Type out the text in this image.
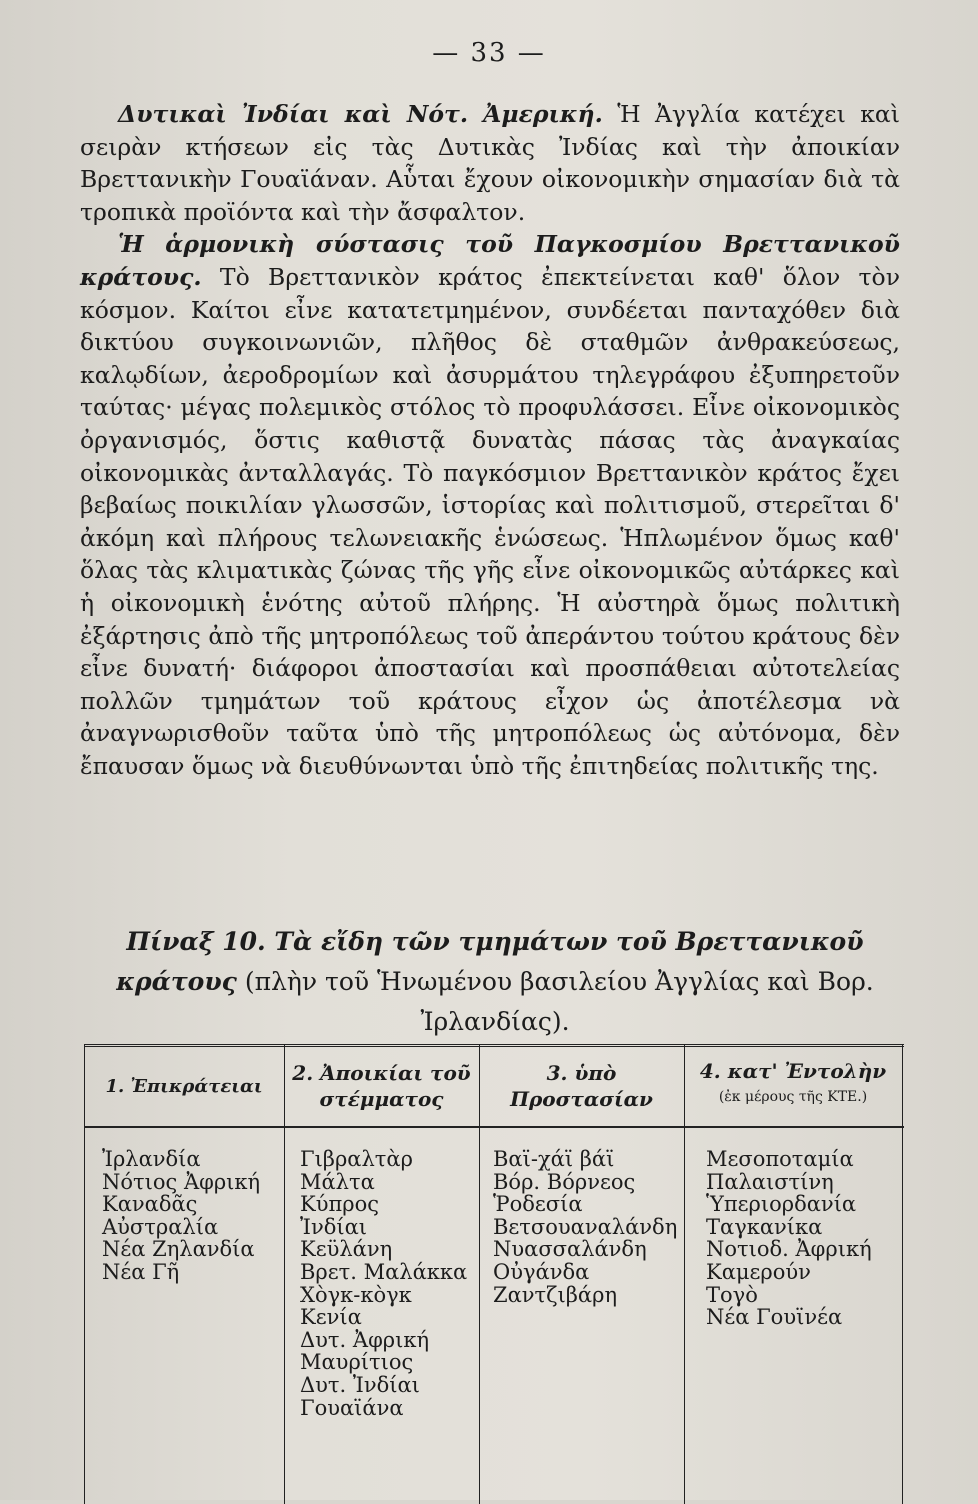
— 33 —

Δυτικαὶ Ἰνδίαι καὶ Νότ. Ἀμερική. Ἡ Ἀγγλία κατέχει καὶ σειρὰν κτήσεων εἰς τὰς Δυτικὰς Ἰνδίας καὶ τὴν ἀποικίαν Βρεττανικὴν Γουαϊάναν. Αὗται ἔχουν οἰκονομικὴν σημασίαν διὰ τὰ τροπικὰ προϊόντα καὶ τὴν ἄσφαλτον.

Ἡ ἁρμονικὴ σύστασις τοῦ Παγκοσμίου Βρεττανικοῦ κράτους. Τὸ Βρεττανικὸν κράτος ἐπεκτείνεται καθ' ὅλον τὸν κόσμον. Καίτοι εἶνε κατατετμημένον, συνδέεται πανταχόθεν διὰ δικτύου συγκοινωνιῶν, πλῆθος δὲ σταθμῶν ἀνθρακεύσεως, καλῳδίων, ἀεροδρομίων καὶ ἀσυρμάτου τηλεγράφου ἐξυπηρετοῦν ταύτας· μέγας πολεμικὸς στόλος τὸ προφυλάσσει. Εἶνε οἰκονομικὸς ὀργανισμός, ὅστις καθιστᾷ δυνατὰς πάσας τὰς ἀναγκαίας οἰκονομικὰς ἀνταλλαγάς. Τὸ παγκόσμιον Βρεττανικὸν κράτος ἔχει βεβαίως ποικιλίαν γλωσσῶν, ἱστορίας καὶ πολιτισμοῦ, στερεῖται δ' ἀκόμη καὶ πλήρους τελωνειακῆς ἑνώσεως. Ἡπλωμένον ὅμως καθ' ὅλας τὰς κλιματικὰς ζώνας τῆς γῆς εἶνε οἰκονομικῶς αὐτάρκες καὶ ἡ οἰκονομικὴ ἑνότης αὐτοῦ πλήρης. Ἡ αὐστηρὰ ὅμως πολιτικὴ ἐξάρτησις ἀπὸ τῆς μητροπόλεως τοῦ ἀπεράντου τούτου κράτους δὲν εἶνε δυνατή· διάφοροι ἀποστασίαι καὶ προσπάθειαι αὐτοτελείας πολλῶν τμημάτων τοῦ κράτους εἶχον ὡς ἀποτέλεσμα νὰ ἀναγνωρισθοῦν ταῦτα ὑπὸ τῆς μητροπόλεως ὡς αὐτόνομα, δὲν ἔπαυσαν ὅμως νὰ διευθύνωνται ὑπὸ τῆς ἐπιτηδείας πολιτικῆς της.

Πίναξ 10. Τὰ εἴδη τῶν τμημάτων τοῦ Βρεττανικοῦ κράτους (πλὴν τοῦ Ἡνωμένου βασιλείου Ἀγγλίας καὶ Βορ. Ἰρλανδίας).
1. Ἐπικράτειαι
Ἰρλανδία
Νότιος Ἀφρική
Καναδᾶς
Αὐστραλία
Νέα Ζηλανδία
Νέα Γῆ
2. Ἀποικίαι τοῦ στέμματος
Γιβραλτὰρ
Μάλτα
Κύπρος
Ἰνδίαι
Κεϋλάνη
Βρετ. Μαλάκκα
Χὸγκ-κὸγκ
Κενία
Δυτ. Ἀφρική
Μαυρίτιος
Δυτ. Ἰνδίαι
Γουαϊάνα
3. ὑπὸ Προστασίαν
Βαϊ-χάϊ βάϊ
Βόρ. Βόρνεος
Ῥοδεσία
Βετσουαναλάνδη
Νυασσαλάνδη
Οὐγάνδα
Ζαντζιβάρη
4. κατ' Ἐντολὴν
(ἐκ μέρους τῆς ΚΤΕ.)
Μεσοποταμία
Παλαιστίνη
Ὑπεριορδανία
Ταγκανίκα
Νοτιοδ. Ἀφρική
Καμερούν
Τογὸ
Νέα Γουϊνέα
